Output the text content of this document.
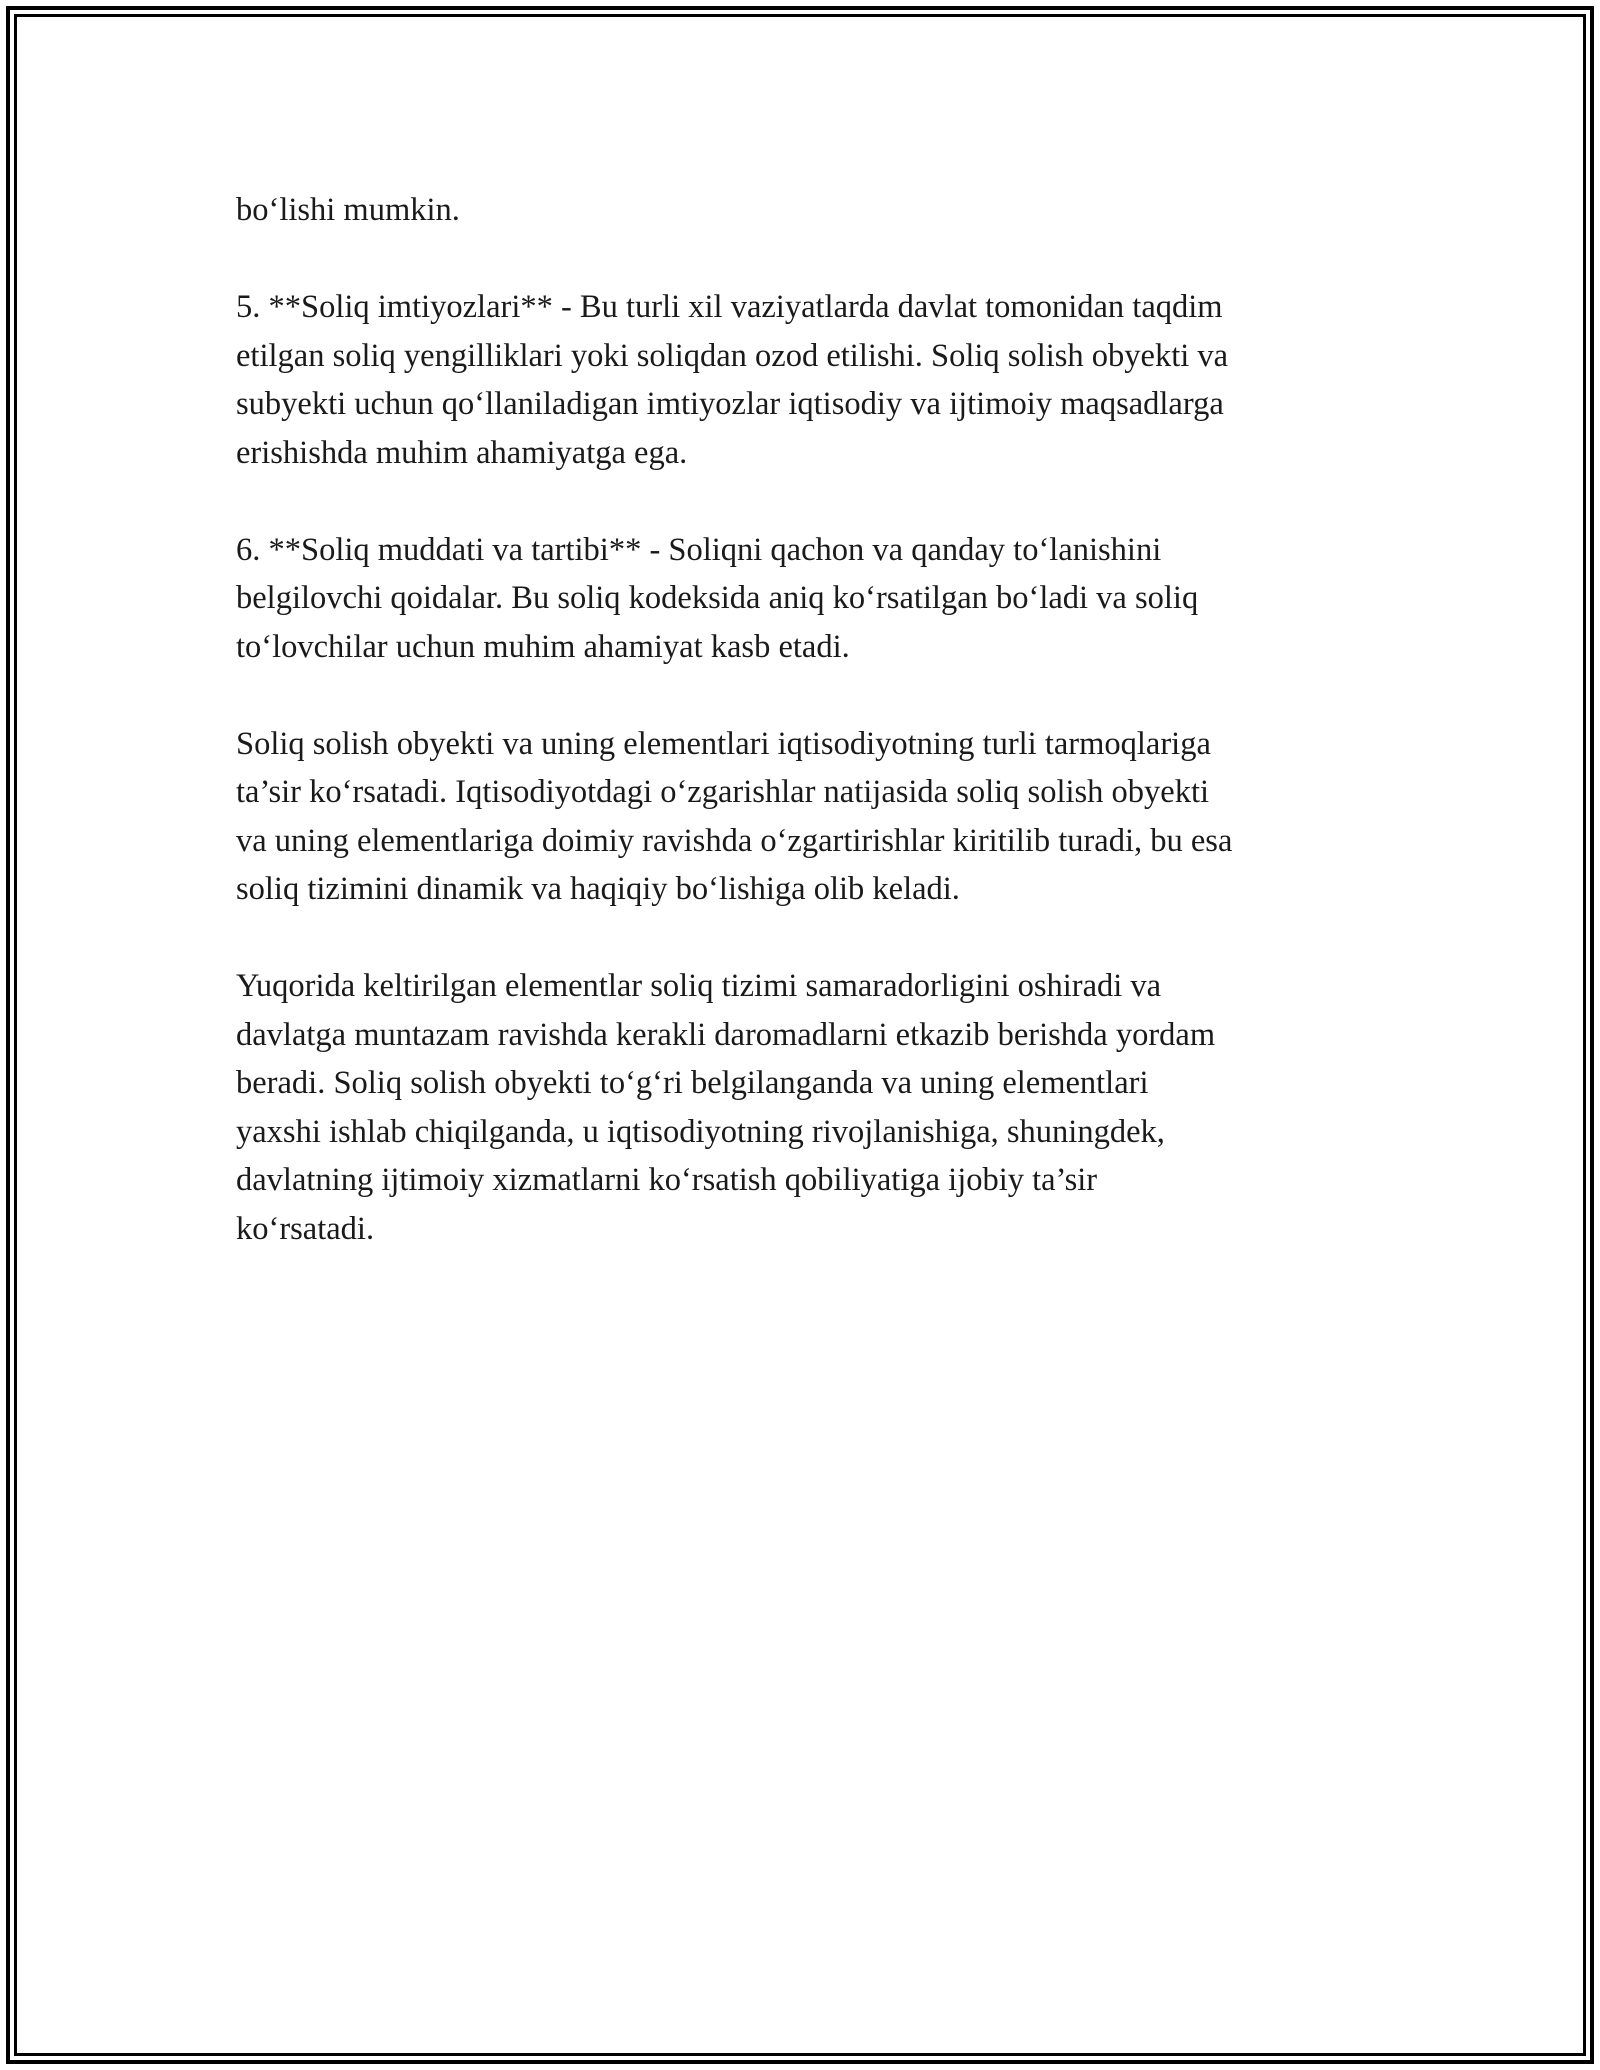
bo‘lishi mumkin.

5. **Soliq imtiyozlari** - Bu turli xil vaziyatlarda davlat tomonidan taqdim
etilgan soliq yengilliklari yoki soliqdan ozod etilishi. Soliq solish obyekti va
subyekti uchun qo‘llaniladigan imtiyozlar iqtisodiy va ijtimoiy maqsadlarga
erishishda muhim ahamiyatga ega.

6. **Soliq muddati va tartibi** - Soliqni qachon va qanday to‘lanishini
belgilovchi qoidalar. Bu soliq kodeksida aniq ko‘rsatilgan bo‘ladi va soliq
to‘lovchilar uchun muhim ahamiyat kasb etadi.

Soliq solish obyekti va uning elementlari iqtisodiyotning turli tarmoqlariga
ta’sir ko‘rsatadi. Iqtisodiyotdagi o‘zgarishlar natijasida soliq solish obyekti
va uning elementlariga doimiy ravishda o‘zgartirishlar kiritilib turadi, bu esa
soliq tizimini dinamik va haqiqiy bo‘lishiga olib keladi.

Yuqorida keltirilgan elementlar soliq tizimi samaradorligini oshiradi va
davlatga muntazam ravishda kerakli daromadlarni etkazib berishda yordam
beradi. Soliq solish obyekti to‘g‘ri belgilanganda va uning elementlari
yaxshi ishlab chiqilganda, u iqtisodiyotning rivojlanishiga, shuningdek,
davlatning ijtimoiy xizmatlarni ko‘rsatish qobiliyatiga ijobiy ta’sir
ko‘rsatadi.
